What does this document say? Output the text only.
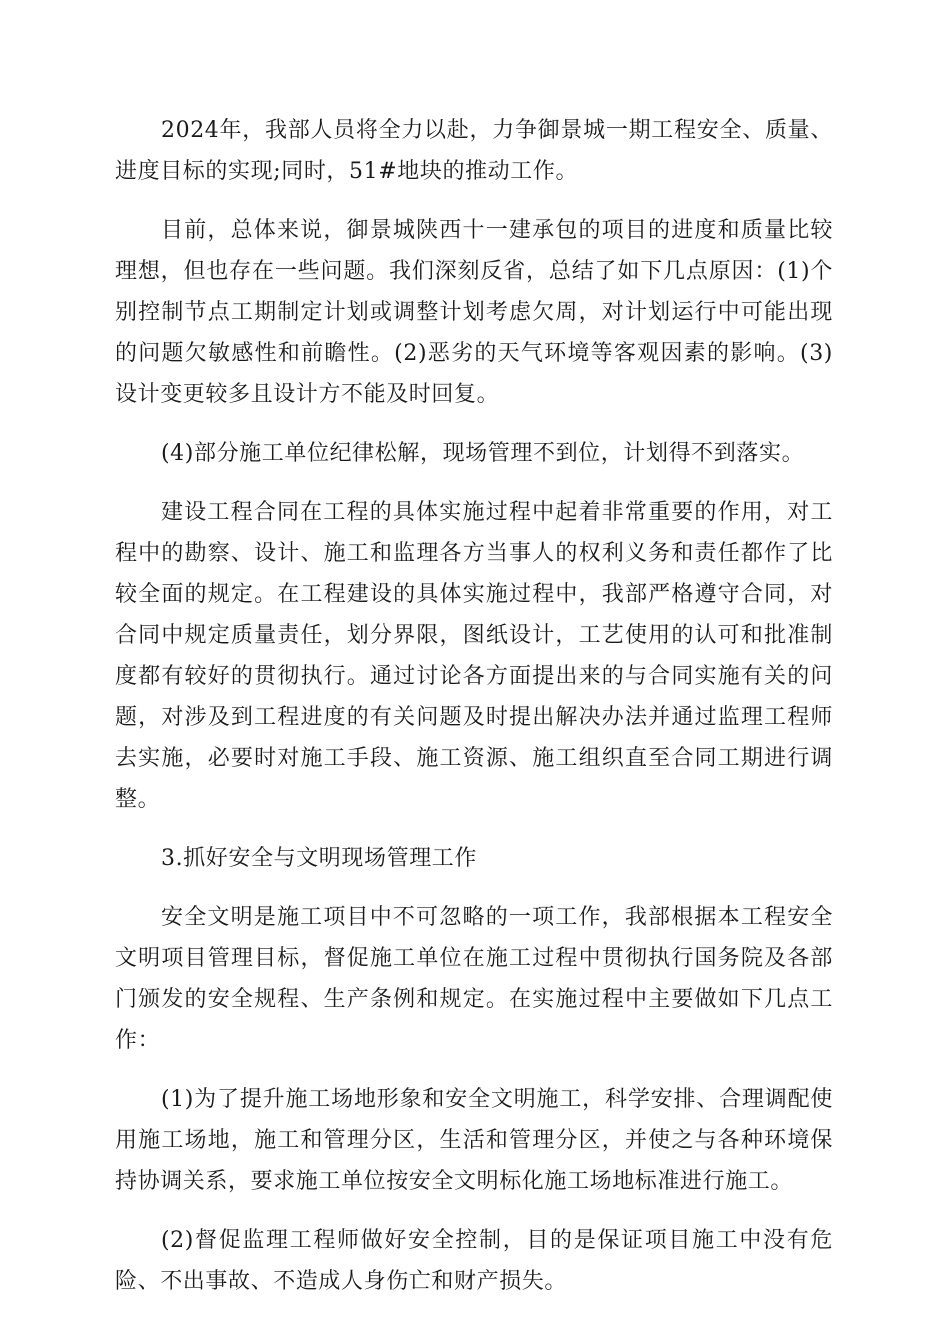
2024年，我部人员将全力以赴，力争御景城一期工程安全、质量、进度目标的实现;同时，51#地块的推动工作。

目前，总体来说，御景城陕西十一建承包的项目的进度和质量比较理想，但也存在一些问题。我们深刻反省，总结了如下几点原因：(1)个别控制节点工期制定计划或调整计划考虑欠周，对计划运行中可能出现的问题欠敏感性和前瞻性。(2)恶劣的天气环境等客观因素的影响。(3)设计变更较多且设计方不能及时回复。

(4)部分施工单位纪律松解，现场管理不到位，计划得不到落实。

建设工程合同在工程的具体实施过程中起着非常重要的作用，对工程中的勘察、设计、施工和监理各方当事人的权利义务和责任都作了比较全面的规定。在工程建设的具体实施过程中，我部严格遵守合同，对合同中规定质量责任，划分界限，图纸设计，工艺使用的认可和批准制度都有较好的贯彻执行。通过讨论各方面提出来的与合同实施有关的问题，对涉及到工程进度的有关问题及时提出解决办法并通过监理工程师去实施，必要时对施工手段、施工资源、施工组织直至合同工期进行调整。

3.抓好安全与文明现场管理工作

安全文明是施工项目中不可忽略的一项工作，我部根据本工程安全文明项目管理目标，督促施工单位在施工过程中贯彻执行国务院及各部门颁发的安全规程、生产条例和规定。在实施过程中主要做如下几点工作：

(1)为了提升施工场地形象和安全文明施工，科学安排、合理调配使用施工场地，施工和管理分区，生活和管理分区，并使之与各种环境保持协调关系，要求施工单位按安全文明标化施工场地标准进行施工。

(2)督促监理工程师做好安全控制，目的是保证项目施工中没有危险、不出事故、不造成人身伤亡和财产损失。
